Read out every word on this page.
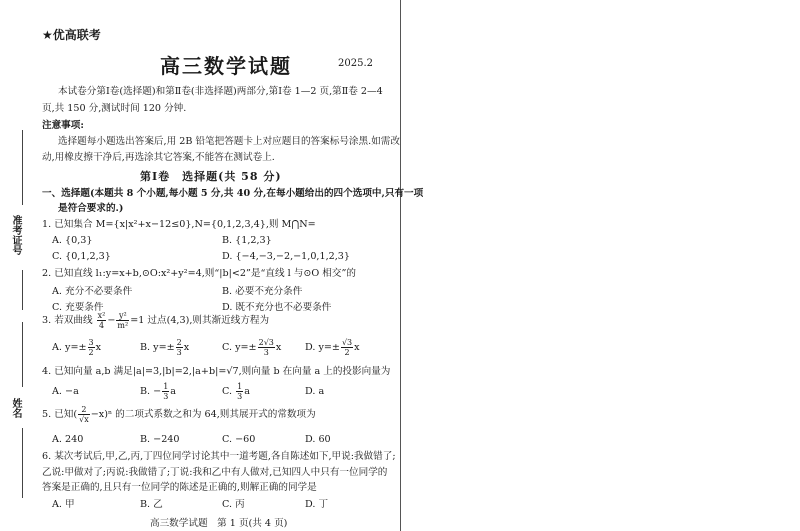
准考证号
姓名
★优高联考
高三数学试题	2025.2
本试卷分第Ⅰ卷(选择题)和第Ⅱ卷(非选择题)两部分,第Ⅰ卷 1—2 页,第Ⅱ卷 2—4
页,共 150 分,测试时间 120 分钟.
注意事项:
选择题每小题选出答案后,用 2B 铅笔把答题卡上对应题目的答案标号涂黑.如需改
动,用橡皮擦干净后,再选涂其它答案,不能答在测试卷上.
第Ⅰ卷　选择题(共 58 分)
一、选择题(本题共 8 个小题,每小题 5 分,共 40 分,在每小题给出的四个选项中,只有一项
是符合要求的.)
1. 已知集合 M={x|x²+x−12≤0},N={0,1,2,3,4},则 M⋂N=
A. {0,3}	B. {1,2,3}
C. {0,1,2,3}	D. {−4,−3,−2,−1,0,1,2,3}
2. 已知直线 l₁:y=x+b,⊙O:x²+y²=4,则“|b|<2”是“直线 l 与⊙O 相交”的
A. 充分不必要条件	B. 必要不充分条件
C. 充要条件	D. 既不充分也不必要条件
3. 若双曲线 $\frac{\text{x²}}{4} - \frac{\text{y²}}{\text{m²}} =1$ 过点(4,3),则其渐近线方程为
A. $y=\pm \frac{3}{2}$ x	B. $y=\pm \frac{2}{3}$ x	C. $y=\pm \frac{2√3}{3}$ x D. $y=\pm \frac{√3}{2}$ x
4. 已知向量 a,b 满足|a|=3,|b|=2,|a+b|=√7,则向量 b 在向量 a 上的投影向量为
A. −a	B. − $\frac{1}{3}$ a	C. $\frac{1}{3}$ a	D. a
5. 已知( $\frac{2}{√x} -x)^n$ 的二项式系数之和为 64,则其展开式的常数项为
A. 240	B. −240	C. −60	D. 60
6. 某次考试后,甲,乙,丙,丁四位同学讨论其中一道考题,各自陈述如下,甲说:我做错了;
乙说:甲做对了;丙说:我做错了;丁说:我和乙中有人做对,已知四人中只有一位同学的
答案是正确的,且只有一位同学的陈述是正确的,则解正确的同学是
A. 甲	B. 乙	C. 丙	D. 丁
高三数学试题　第 1 页(共 4 页)
